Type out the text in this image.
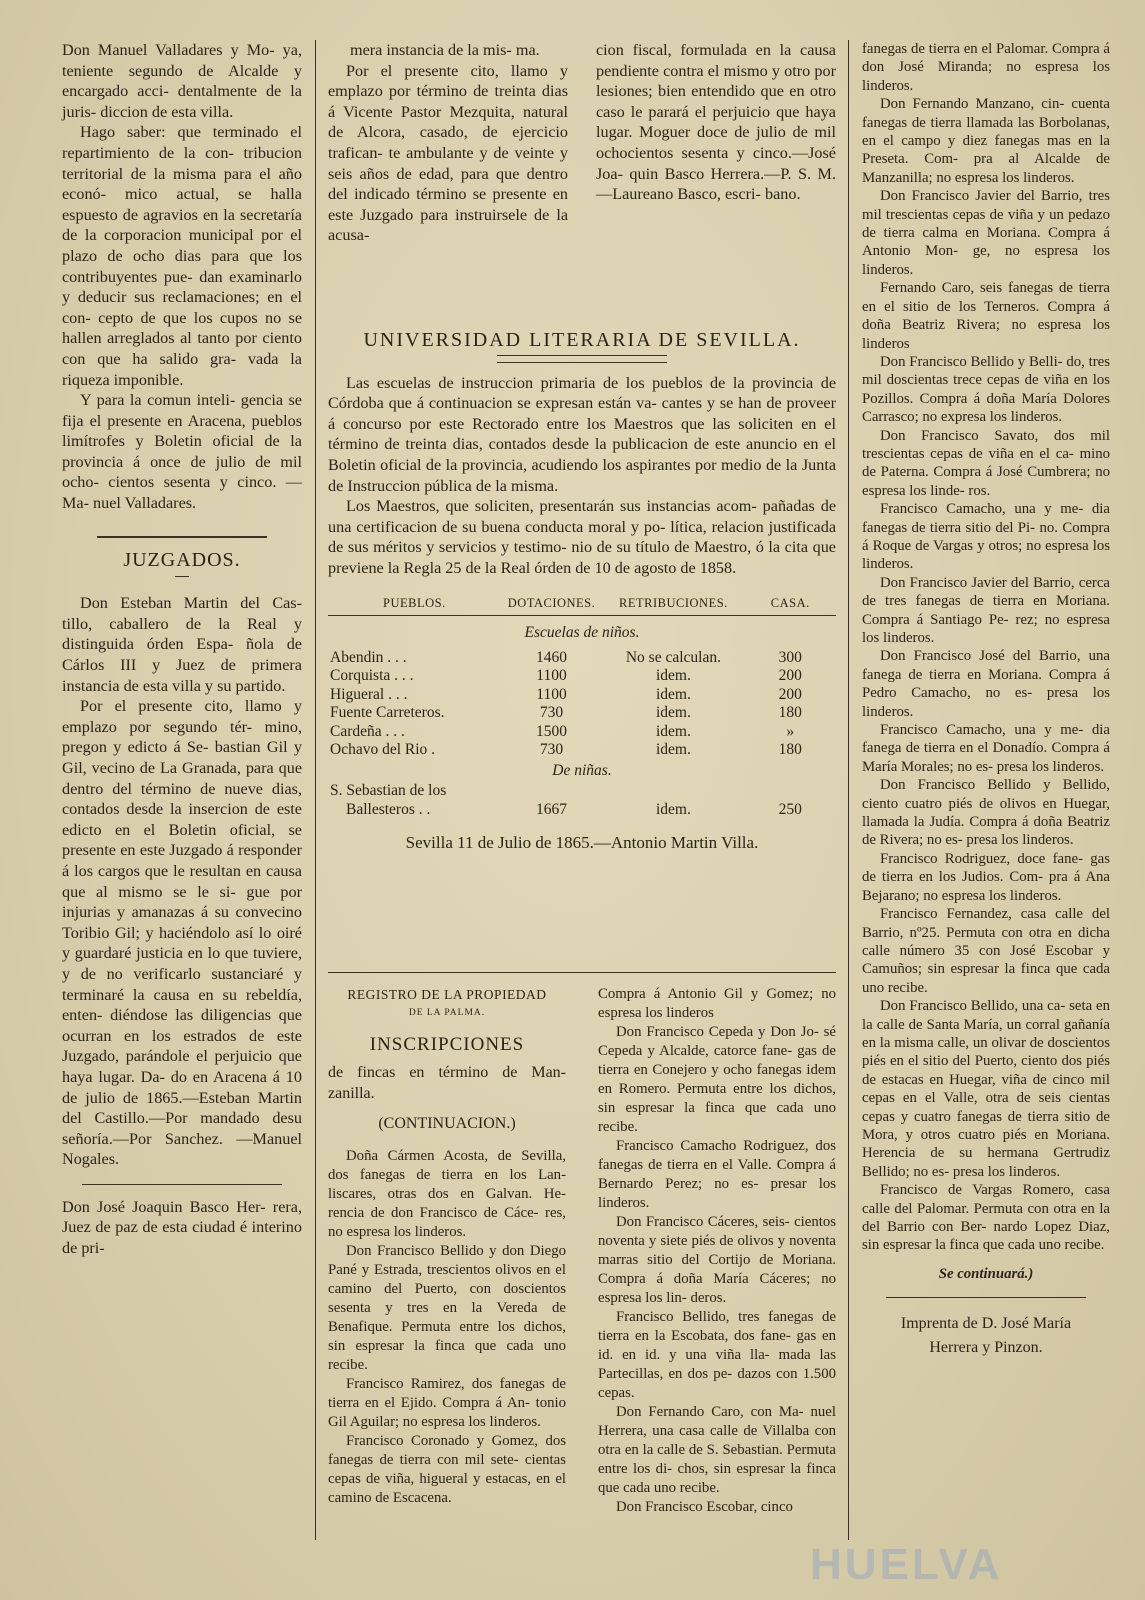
Don Manuel Valladares y Mo- ya, teniente segundo de Alcalde y encargado acci- dentalmente de la juris- diccion de esta villa.

Hago saber: que terminado el repartimiento de la con- tribucion territorial de la misma para el año econó- mico actual, se halla espuesto de agravios en la secretaría de la corporacion municipal por el plazo de ocho dias para que los contribuyentes pue- dan examinarlo y deducir sus reclamaciones; en el con- cepto de que los cupos no se hallen arreglados al tanto por ciento con que ha salido gra- vada la riqueza imponible.

Y para la comun inteli- gencia se fija el presente en Aracena, pueblos limítrofes y Boletin oficial de la provincia á once de julio de mil ocho- cientos sesenta y cinco. —Ma- nuel Valladares.

JUZGADOS.

Don Esteban Martin del Cas- tillo, caballero de la Real y distinguida órden Espa- ñola de Cárlos III y Juez de primera instancia de esta villa y su partido.

Por el presente cito, llamo y emplazo por segundo tér- mino, pregon y edicto á Se- bastian Gil y Gil, vecino de La Granada, para que dentro del término de nueve dias, contados desde la insercion de este edicto en el Boletin oficial, se presente en este Juzgado á responder á los cargos que le resultan en causa que al mismo se le si- gue por injurias y amanazas á su convecino Toribio Gil; y haciéndolo así lo oiré y guardaré justicia en lo que tuviere, y de no verificarlo sustanciaré y terminaré la causa en su rebeldía, enten- diéndose las diligencias que ocurran en los estrados de este Juzgado, parándole el perjuicio que haya lugar. Da- do en Aracena á 10 de julio de 1865.—Esteban Martin del Castillo.—Por mandado desu señoría.—Por Sanchez. —Manuel Nogales.

Don José Joaquin Basco Her- rera, Juez de paz de esta ciudad é interino de pri-

mera instancia de la mis- ma.

Por el presente cito, llamo y emplazo por término de treinta dias á Vicente Pastor Mezquita, natural de Alcora, casado, de ejercicio trafican- te ambulante y de veinte y seis años de edad, para que dentro del indicado término se presente en este Juzgado para instruirsele de la acusa-

cion fiscal, formulada en la causa pendiente contra el mismo y otro por lesiones; bien entendido que en otro caso le parará el perjuicio que haya lugar. Moguer doce de julio de mil ochocientos sesenta y cinco.—José Joa- quin Basco Herrera.—P. S. M.—Laureano Basco, escri- bano.

UNIVERSIDAD LITERARIA DE SEVILLA.

Las escuelas de instruccion primaria de los pueblos de la provincia de Córdoba que á continuacion se expresan están va- cantes y se han de proveer á concurso por este Rectorado entre los Maestros que las soliciten en el término de treinta dias, contados desde la publicacion de este anuncio en el Boletin oficial de la provincia, acudiendo los aspirantes por medio de la Junta de Instruccion pública de la misma.

Los Maestros, que soliciten, presentarán sus instancias acom- pañadas de una certificacion de su buena conducta moral y po- lítica, relacion justificada de sus méritos y servicios y testimo- nio de su título de Maestro, ó la cita que previene la Regla 25 de la Real órden de 10 de agosto de 1858.

PUEBLOS.	DOTACIONES.	RETRIBUCIONES.	CASA.
Escuelas de niños.			
Abendin . . .	1460	No se calculan.	300
Corquista . . .	1100	idem.	200
Higueral . . .	1100	idem.	200
Fuente Carreteros.	730	idem.	180
Cardeña . . .	1500	idem.	»
Ochavo del Rio .	730	idem.	180
De niñas.			
S. Sebastian de los			
Ballesteros . .	1667	idem.	250

Sevilla 11 de Julio de 1865.—Antonio Martin Villa.

REGISTRO DE LA PROPIEDAD

DE LA PALMA.

INSCRIPCIONES

de fincas en término de Man- zanilla.

(CONTINUACION.)

Doña Cármen Acosta, de Sevilla, dos fanegas de tierra en los Lan- liscares, otras dos en Galvan. He- rencia de don Francisco de Cáce- res, no espresa los linderos.

Don Francisco Bellido y don Diego Pané y Estrada, trescientos olivos en el camino del Puerto, con doscientos sesenta y tres en la Vereda de Benafique. Permuta entre los dichos, sin espresar la finca que cada uno recibe.

Francisco Ramirez, dos fanegas de tierra en el Ejido. Compra á An- tonio Gil Aguilar; no espresa los linderos.

Francisco Coronado y Gomez, dos fanegas de tierra con mil sete- cientas cepas de viña, higueral y estacas, en el camino de Escacena.

Compra á Antonio Gil y Gomez; no espresa los linderos

Don Francisco Cepeda y Don Jo- sé Cepeda y Alcalde, catorce fane- gas de tierra en Conejero y ocho fanegas idem en Romero. Permuta entre los dichos, sin espresar la finca que cada uno recibe.

Francisco Camacho Rodriguez, dos fanegas de tierra en el Valle. Compra á Bernardo Perez; no es- presar los linderos.

Don Francisco Cáceres, seis- cientos noventa y siete piés de olivos y noventa marras sitio del Cortijo de Moriana. Compra á doña María Cáceres; no espresa los lin- deros.

Francisco Bellido, tres fanegas de tierra en la Escobata, dos fane- gas en id. en id. y una viña lla- mada las Partecillas, en dos pe- dazos con 1.500 cepas.

Don Fernando Caro, con Ma- nuel Herrera, una casa calle de Villalba con otra en la calle de S. Sebastian. Permuta entre los di- chos, sin espresar la finca que cada uno recibe.

Don Francisco Escobar, cinco

fanegas de tierra en el Palomar. Compra á don José Miranda; no espresa los linderos.

Don Fernando Manzano, cin- cuenta fanegas de tierra llamada las Borbolanas, en el campo y diez fanegas mas en la Preseta. Com- pra al Alcalde de Manzanilla; no espresa los linderos.

Don Francisco Javier del Barrio, tres mil trescientas cepas de viña y un pedazo de tierra calma en Moriana. Compra á Antonio Mon- ge, no espresa los linderos.

Fernando Caro, seis fanegas de tierra en el sitio de los Terneros. Compra á doña Beatriz Rivera; no espresa los linderos

Don Francisco Bellido y Belli- do, tres mil doscientas trece cepas de viña en los Pozillos. Compra á doña María Dolores Carrasco; no expresa los linderos.

Don Francisco Savato, dos mil trescientas cepas de viña en el ca- mino de Paterna. Compra á José Cumbrera; no espresa los linde- ros.

Francisco Camacho, una y me- dia fanegas de tierra sitio del Pi- no. Compra á Roque de Vargas y otros; no espresa los linderos.

Don Francisco Javier del Barrio, cerca de tres fanegas de tierra en Moriana. Compra á Santiago Pe- rez; no espresa los linderos.

Don Francisco José del Barrio, una fanega de tierra en Moriana. Compra á Pedro Camacho, no es- presa los linderos.

Francisco Camacho, una y me- dia fanega de tierra en el Donadío. Compra á María Morales; no es- presa los linderos.

Don Francisco Bellido y Bellido, ciento cuatro piés de olivos en Huegar, llamada la Judía. Compra á doña Beatriz de Rivera; no es- presa los linderos.

Francisco Rodriguez, doce fane- gas de tierra en los Judios. Com- pra á Ana Bejarano; no espresa los linderos.

Francisco Fernandez, casa calle del Barrio, nº25. Permuta con otra en dicha calle número 35 con José Escobar y Camuños; sin espresar la finca que cada uno recibe.

Don Francisco Bellido, una ca- seta en la calle de Santa María, un corral gañanía en la misma calle, un olivar de doscientos piés en el sitio del Puerto, ciento dos piés de estacas en Huegar, viña de cinco mil cepas en el Valle, otra de seis cientas cepas y cuatro fanegas de tierra sitio de Mora, y otros cuatro piés en Moriana. Herencia de su hermana Gertrudiz Bellido; no es- presa los linderos.

Francisco de Vargas Romero, casa calle del Palomar. Permuta con otra en la del Barrio con Ber- nardo Lopez Diaz, sin espresar la finca que cada uno recibe.

Se continuará.)

Imprenta de D. José María

Herrera y Pinzon.

HUELVA
